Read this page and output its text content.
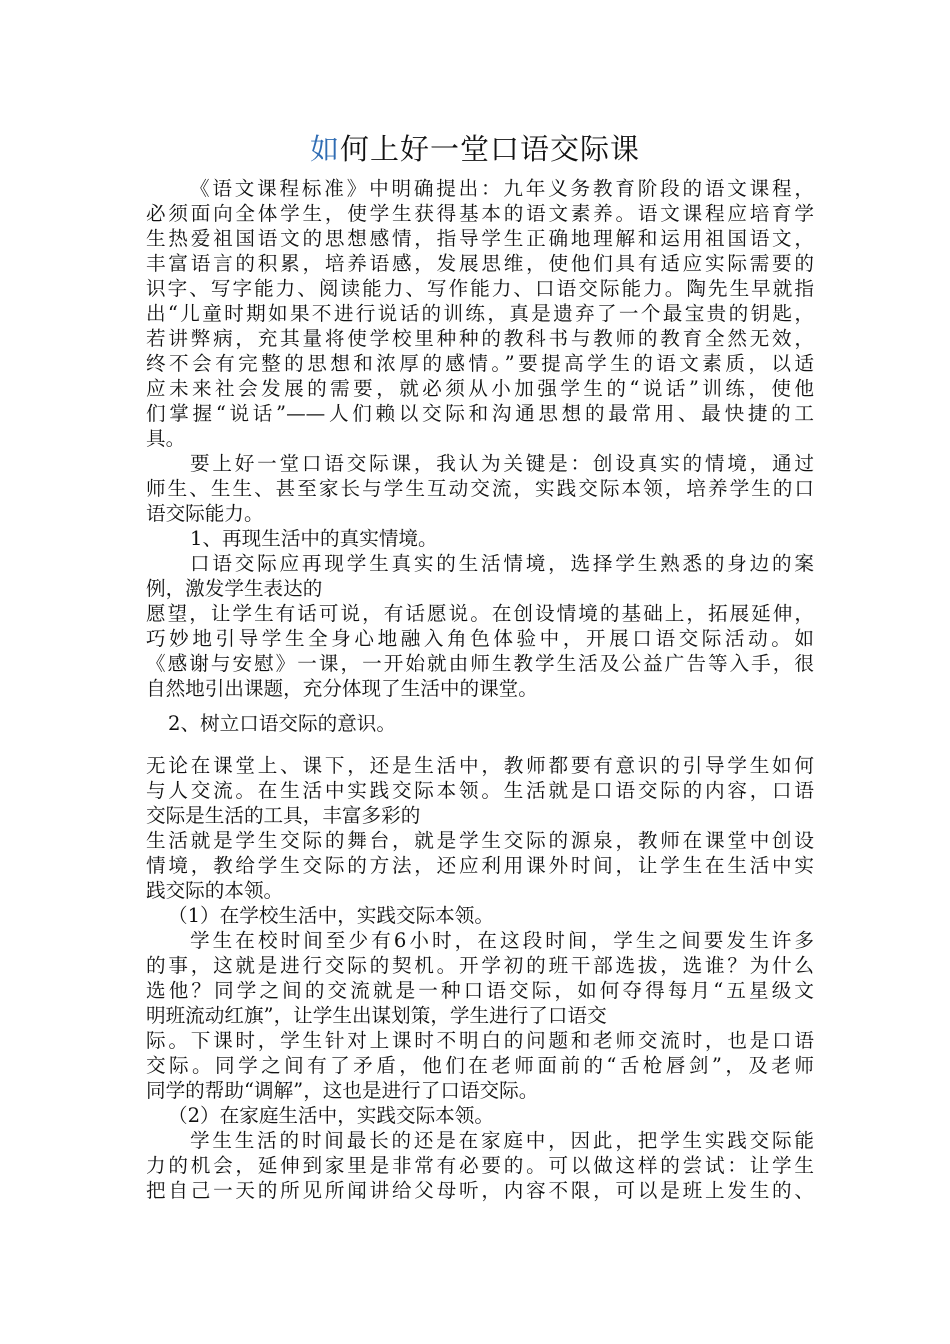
如何上好一堂口语交际课
《语文课程标准》中明确提出：九年义务教育阶段的语文课程，
必须面向全体学生，使学生获得基本的语文素养。语文课程应培育学
生热爱祖国语文的思想感情，指导学生正确地理解和运用祖国语文，
丰富语言的积累，培养语感，发展思维，使他们具有适应实际需要的
识字、写字能力、阅读能力、写作能力、口语交际能力。陶先生早就指
出“儿童时期如果不进行说话的训练，真是遗弃了一个最宝贵的钥匙，
若讲弊病，充其量将使学校里种种的教科书与教师的教育全然无效，
终不会有完整的思想和浓厚的感情。”要提高学生的语文素质，以适
应未来社会发展的需要，就必须从小加强学生的“说话”训练，使他
们掌握“说话”——人们赖以交际和沟通思想的最常用、最快捷的工
具。
要上好一堂口语交际课，我认为关键是：创设真实的情境，通过
师生、生生、甚至家长与学生互动交流，实践交际本领，培养学生的口
语交际能力。
1、再现生活中的真实情境。
口语交际应再现学生真实的生活情境，选择学生熟悉的身边的案
例，激发学生表达的
愿望，让学生有话可说，有话愿说。在创设情境的基础上，拓展延伸，
巧妙地引导学生全身心地融入角色体验中，开展口语交际活动。如
《感谢与安慰》一课，一开始就由师生教学生活及公益广告等入手，很
自然地引出课题，充分体现了生活中的课堂。
2、树立口语交际的意识。
无论在课堂上、课下，还是生活中，教师都要有意识的引导学生如何
与人交流。在生活中实践交际本领。生活就是口语交际的内容，口语
交际是生活的工具，丰富多彩的
生活就是学生交际的舞台，就是学生交际的源泉，教师在课堂中创设
情境，教给学生交际的方法，还应利用课外时间，让学生在生活中实
践交际的本领。
（1）在学校生活中，实践交际本领。
学生在校时间至少有6小时，在这段时间，学生之间要发生许多
的事，这就是进行交际的契机。开学初的班干部选拔，选谁？为什么
选他？同学之间的交流就是一种口语交际，如何夺得每月“五星级文
明班流动红旗”，让学生出谋划策，学生进行了口语交
际。下课时，学生针对上课时不明白的问题和老师交流时，也是口语
交际。同学之间有了矛盾，他们在老师面前的“舌枪唇剑”，及老师
同学的帮助“调解”，这也是进行了口语交际。
（2）在家庭生活中，实践交际本领。
学生生活的时间最长的还是在家庭中，因此，把学生实践交际能
力的机会，延伸到家里是非常有必要的。可以做这样的尝试：让学生
把自己一天的所见所闻讲给父母听，内容不限，可以是班上发生的、
